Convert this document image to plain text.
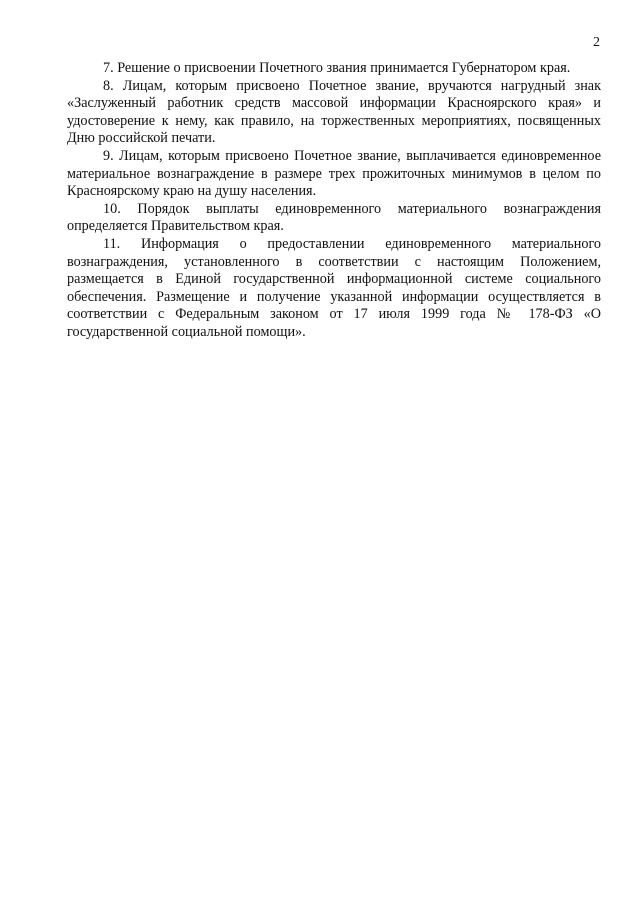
2

7. Решение о присвоении Почетного звания принимается Губернатором края.

8. Лицам, которым присвоено Почетное звание, вручаются нагрудный знак «Заслуженный работник средств массовой информации Красноярского края» и удостоверение к нему, как правило, на торжественных мероприятиях, посвященных Дню российской печати.

9. Лицам, которым присвоено Почетное звание, выплачивается единовременное материальное вознаграждение в размере трех прожиточных минимумов в целом по Красноярскому краю на душу населения.

10. Порядок выплаты единовременного материального вознаграждения определяется Правительством края.

11. Информация о предоставлении единовременного материального вознаграждения, установленного в соответствии с настоящим Положением, размещается в Единой государственной информационной системе социального обеспечения. Размещение и получение указанной информации осуществляется в соответствии с Федеральным законом от 17 июля 1999 года № 178-ФЗ «О государственной социальной помощи».
